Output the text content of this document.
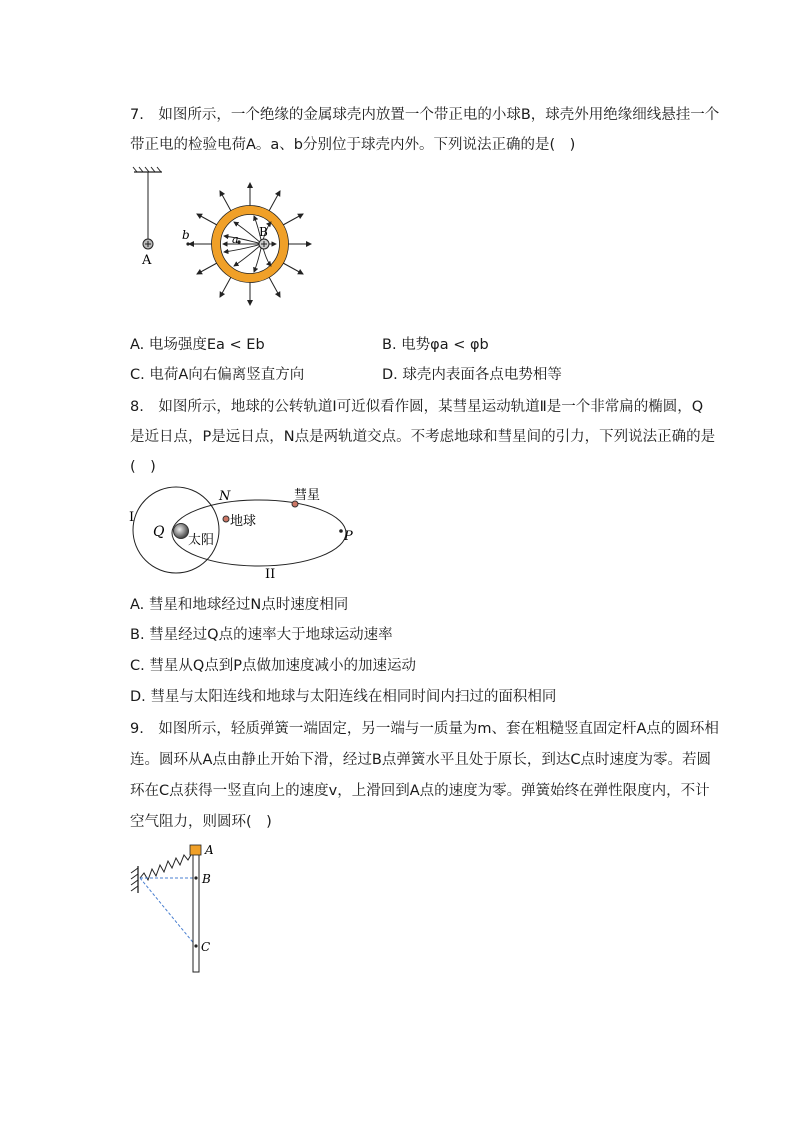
7.　如图所示，一个绝缘的金属球壳内放置一个带正电的小球B，球壳外用绝缘细线悬挂一个
带正电的检验电荷A。a、b分别位于球壳内外。下列说法正确的是(　)
A
B
a
b
A. 电场强度Ea < Eb	B. 电势φa < φb
C. 电荷A向右偏离竖直方向	D. 球壳内表面各点电势相等
8.　如图所示，地球的公转轨道Ⅰ可近似看作圆，某彗星运动轨道Ⅱ是一个非常扁的椭圆，Q
是近日点，P是远日点，N点是两轨道交点。不考虑地球和彗星间的引力，下列说法正确的是
(　)
I
II
N
Q	P
彗星
地球
太阳
A. 彗星和地球经过N点时速度相同
B. 彗星经过Q点的速率大于地球运动速率
C. 彗星从Q点到P点做加速度减小的加速运动
D. 彗星与太阳连线和地球与太阳连线在相同时间内扫过的面积相同
9.　如图所示，轻质弹簧一端固定，另一端与一质量为m、套在粗糙竖直固定杆A点的圆环相
连。圆环从A点由静止开始下滑，经过B点弹簧水平且处于原长，到达C点时速度为零。若圆
环在C点获得一竖直向上的速度v，上滑回到A点的速度为零。弹簧始终在弹性限度内，不计
空气阻力，则圆环(　)
A
B
C
